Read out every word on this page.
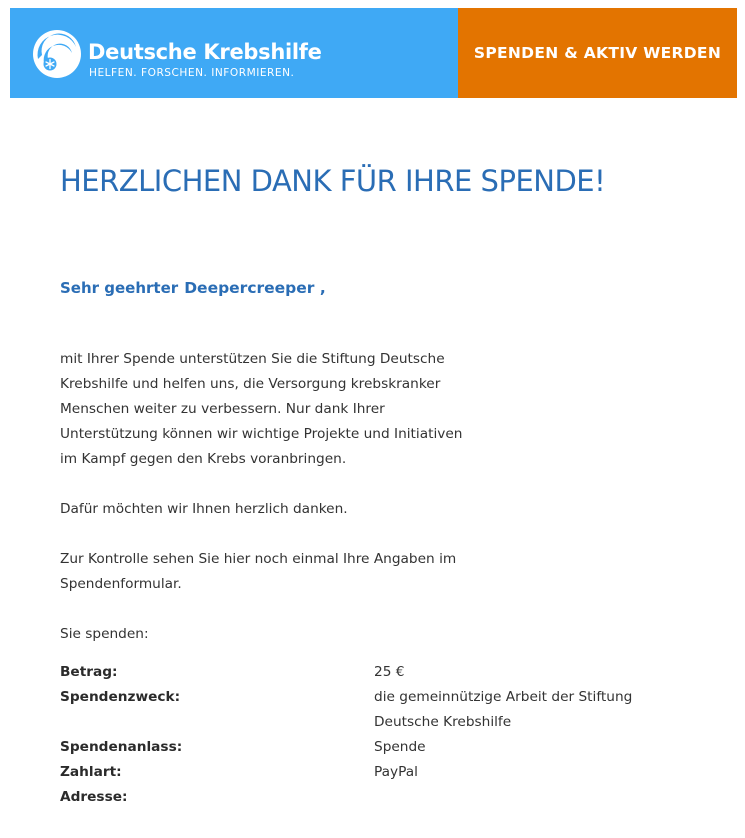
Deutsche Krebshilfe
HELFEN. FORSCHEN. INFORMIEREN.
SPENDEN & AKTIV WERDEN
HERZLICHEN DANK FÜR IHRE SPENDE!
Sehr geehrter Deepercreeper ,

mit Ihrer Spende unterstützen Sie die Stiftung Deutsche Krebshilfe und helfen uns, die Versorgung krebskranker Menschen weiter zu verbessern. Nur dank Ihrer Unterstützung können wir wichtige Projekte und Initiativen im Kampf gegen den Krebs voranbringen.

Dafür möchten wir Ihnen herzlich danken.

Zur Kontrolle sehen Sie hier noch einmal Ihre Angaben im Spendenformular.

Sie spenden:

Betrag:	25 €
Spendenzweck:	die gemeinnützige Arbeit der Stiftung Deutsche Krebshilfe
Spendenanlass:	Spende
Zahlart:	PayPal
Adresse:	
